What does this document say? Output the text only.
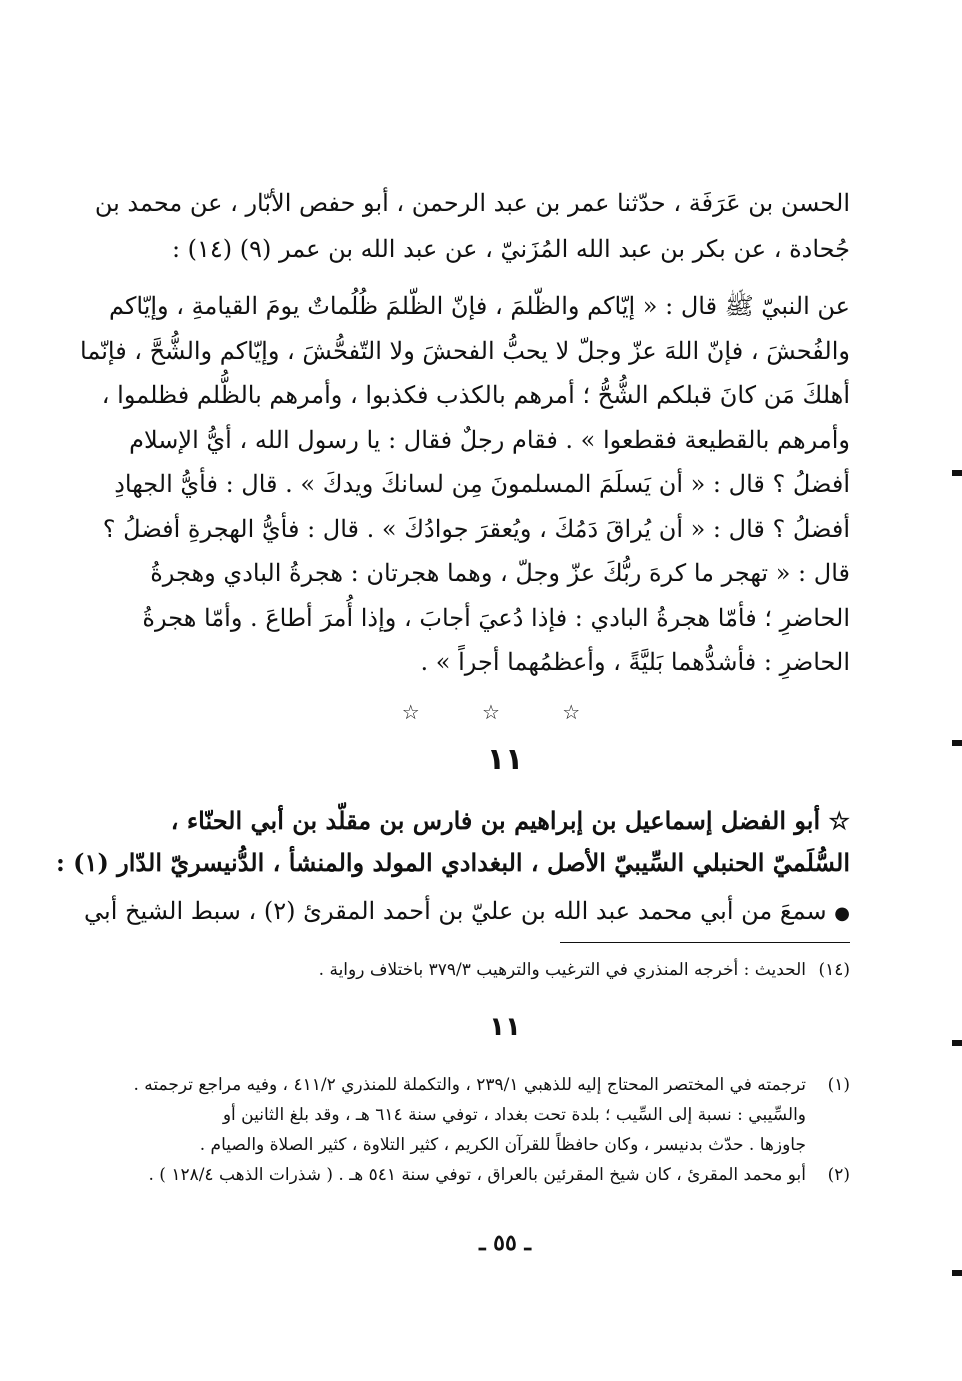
الحسن بن عَرَفَة ، حدّثنا عمر بن عبد الرحمن ، أبو حفص الأبّار ، عن محمد بن
جُحادة ، عن بكر بن عبد الله المُزَنيّ ، عن عبد الله بن عمر (٩) (١٤) :
عن النبيّ ﷺ قال : « إيّاكم والظّلمَ ، فإنّ الظّلمَ ظُلُماتٌ يومَ القيامةِ ، وإيّاكم
والفُحشَ ، فإنّ اللهَ عزّ وجلّ لا يحبُّ الفحشَ ولا التّفحُّشَ ، وإيّاكم والشُّحَّ ، فإنّما
أهلكَ مَن كانَ قبلكم الشُّحُّ ؛ أمرهم بالكذب فكذبوا ، وأمرهم بالظُّلم فظلموا ،
وأمرهم بالقطيعة فقطعوا » . فقام رجلٌ فقال : يا رسول الله ، أيُّ الإسلام
أفضلُ ؟ قال : « أن يَسلَمَ المسلمونَ مِن لسانكَ ويدكَ » . قال : فأيُّ الجهادِ
أفضلُ ؟ قال : « أن يُراقَ دَمُكَ ، ويُعقرَ جوادُكَ » . قال : فأيُّ الهجرةِ أفضلُ ؟
قال : « تهجر ما كرهَ ربُّكَ عزّ وجلّ ، وهما هجرتان : هجرةُ البادي وهجرةُ
الحاضرِ ؛ فأمّا هجرةُ البادي : فإذا دُعيَ أجابَ ، وإذا أُمرَ أطاعَ . وأمّا هجرةُ
الحاضرِ : فأشدُّهما بَليَّةً ، وأعظمُهما أجراً » .
☆ ☆ ☆
١١
☆ أبو الفضل إسماعيل بن إبراهيم بن فارس بن مقلّد بن أبي الحنّاء ،
السُّلَميّ الحنبلي السِّيبيّ الأصل ، البغدادي المولد والمنشأ ، الدُّنيسريّ الدّار (١) :
● سمعَ من أبي محمد عبد الله بن عليّ بن أحمد المقرئ (٢) ، سبط الشيخ أبي
(١٤)
الحديث : أخرجه المنذري في الترغيب والترهيب ٣٧٩/٣ باختلاف رواية .
١١
(١)
ترجمته في المختصر المحتاج إليه للذهبي ٢٣٩/١ ، والتكملة للمنذري ٤١١/٢ ، وفيه مراجع ترجمته .
والسِّيبي : نسبة إلى السِّيب ؛ بلدة تحت بغداد ، توفي سنة ٦١٤ هـ ، وقد بلغ الثانين أو
جاوزها . حدّث بدنيسر ، وكان حافظاً للقرآن الكريم ، كثير التلاوة ، كثير الصلاة والصيام .
(٢)
أبو محمد المقرئ ، كان شيخ المقرئين بالعراق ، توفي سنة ٥٤١ هـ . ( شذرات الذهب ١٢٨/٤ ) .
ـ ٥٥ ـ
